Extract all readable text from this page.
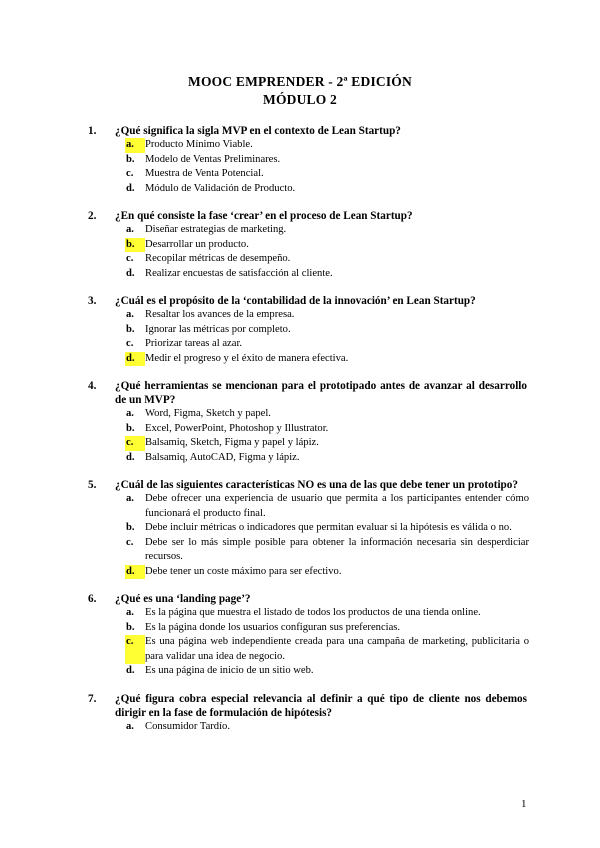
MOOC EMPRENDER - 2ª EDICIÓN
MÓDULO 2
1.	¿Qué significa la sigla MVP en el contexto de Lean Startup?
a.	Producto Mínimo Viable.
b. Modelo de Ventas Preliminares.
c.	Muestra de Venta Potencial.
d. Módulo de Validación de Producto.
2.	¿En qué consiste la fase ‘crear’ en el proceso de Lean Startup?
a.	Diseñar estrategias de marketing.
b. Desarrollar un producto.
c.	Recopilar métricas de desempeño.
d. Realizar encuestas de satisfacción al cliente.
3.	¿Cuál es el propósito de la ‘contabilidad de la innovación’ en Lean Startup?
a.	Resaltar los avances de la empresa.
b. Ignorar las métricas por completo.
c.	Priorizar tareas al azar.
d. Medir el progreso y el éxito de manera efectiva.
4.	¿Qué herramientas se mencionan para el prototipado antes de avanzar al desarrollo de un MVP?
a.	Word, Figma, Sketch y papel.
b. Excel, PowerPoint, Photoshop y Illustrator.
c.	Balsamiq, Sketch, Figma y papel y lápiz.
d. Balsamiq, AutoCAD, Figma y lápiz.
5.	¿Cuál de las siguientes características NO es una de las que debe tener un prototipo?
a.	Debe ofrecer una experiencia de usuario que permita a los participantes entender cómo funcionará el producto final.
b. Debe incluir métricas o indicadores que permitan evaluar si la hipótesis es válida o no.
c.	Debe ser lo más simple posible para obtener la información necesaria sin desperdiciar recursos.
d. Debe tener un coste máximo para ser efectivo.
6.	¿Qué es una ‘landing page’?
a.	Es la página que muestra el listado de todos los productos de una tienda online.
b. Es la página donde los usuarios configuran sus preferencias.
c.	Es una página web independiente creada para una campaña de marketing, publicitaria o para validar una idea de negocio.
d. Es una página de inicio de un sitio web.
7.	¿Qué figura cobra especial relevancia al definir a qué tipo de cliente nos debemos dirigir en la fase de formulación de hipótesis?
a.	Consumidor Tardío.
1
